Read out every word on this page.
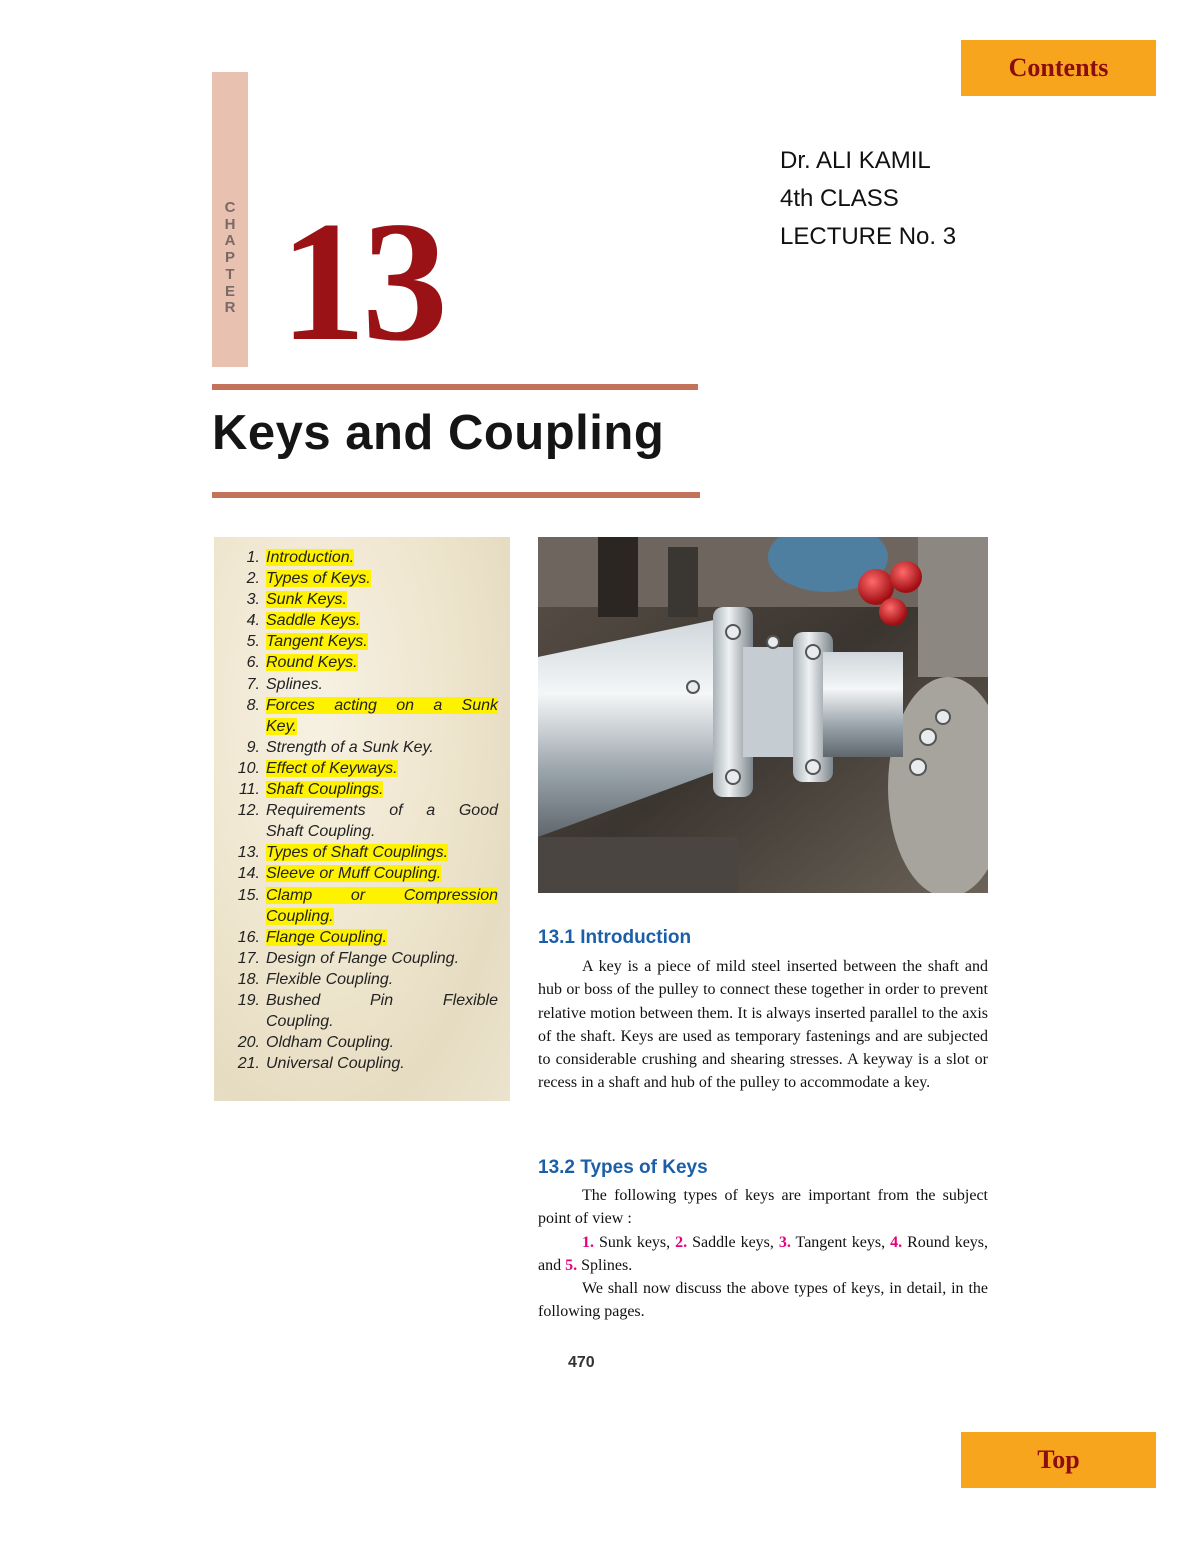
Contents
Top
C
H
A
P
T
E
R 13
Dr. ALI KAMIL
4th CLASS
LECTURE No. 3
Keys and Coupling
1. Introduction.
2. Types of Keys.
3. Sunk Keys.
4. Saddle Keys.
5. Tangent Keys.
6. Round Keys.
7. Splines.
8. Forces acting on a Sunk
Key.
9. Strength of a Sunk Key.
10. Effect of Keyways.
11. Shaft Couplings.
12. Requirements of a Good
Shaft Coupling.
13. Types of Shaft Couplings.
14. Sleeve or Muff Coupling.
15. Clamp or Compression
Coupling.
16. Flange Coupling.
17. Design of Flange Coupling.
18. Flexible Coupling.
19. Bushed Pin Flexible
Coupling.
20. Oldham Coupling.
21. Universal Coupling.
13.1 Introduction

A key is a piece of mild steel inserted between the shaft and hub or boss of the pulley to connect these together in order to prevent relative motion between them. It is always inserted parallel to the axis of the shaft. Keys are used as temporary fastenings and are subjected to considerable crushing and shearing stresses. A keyway is a slot or recess in a shaft and hub of the pulley to accommodate a key.

13.2 Types of Keys

The following types of keys are important from the subject point of view :

1. Sunk keys, 2. Saddle keys, 3. Tangent keys, 4. Round keys, and 5. Splines.

We shall now discuss the above types of keys, in detail, in the following pages.

470
